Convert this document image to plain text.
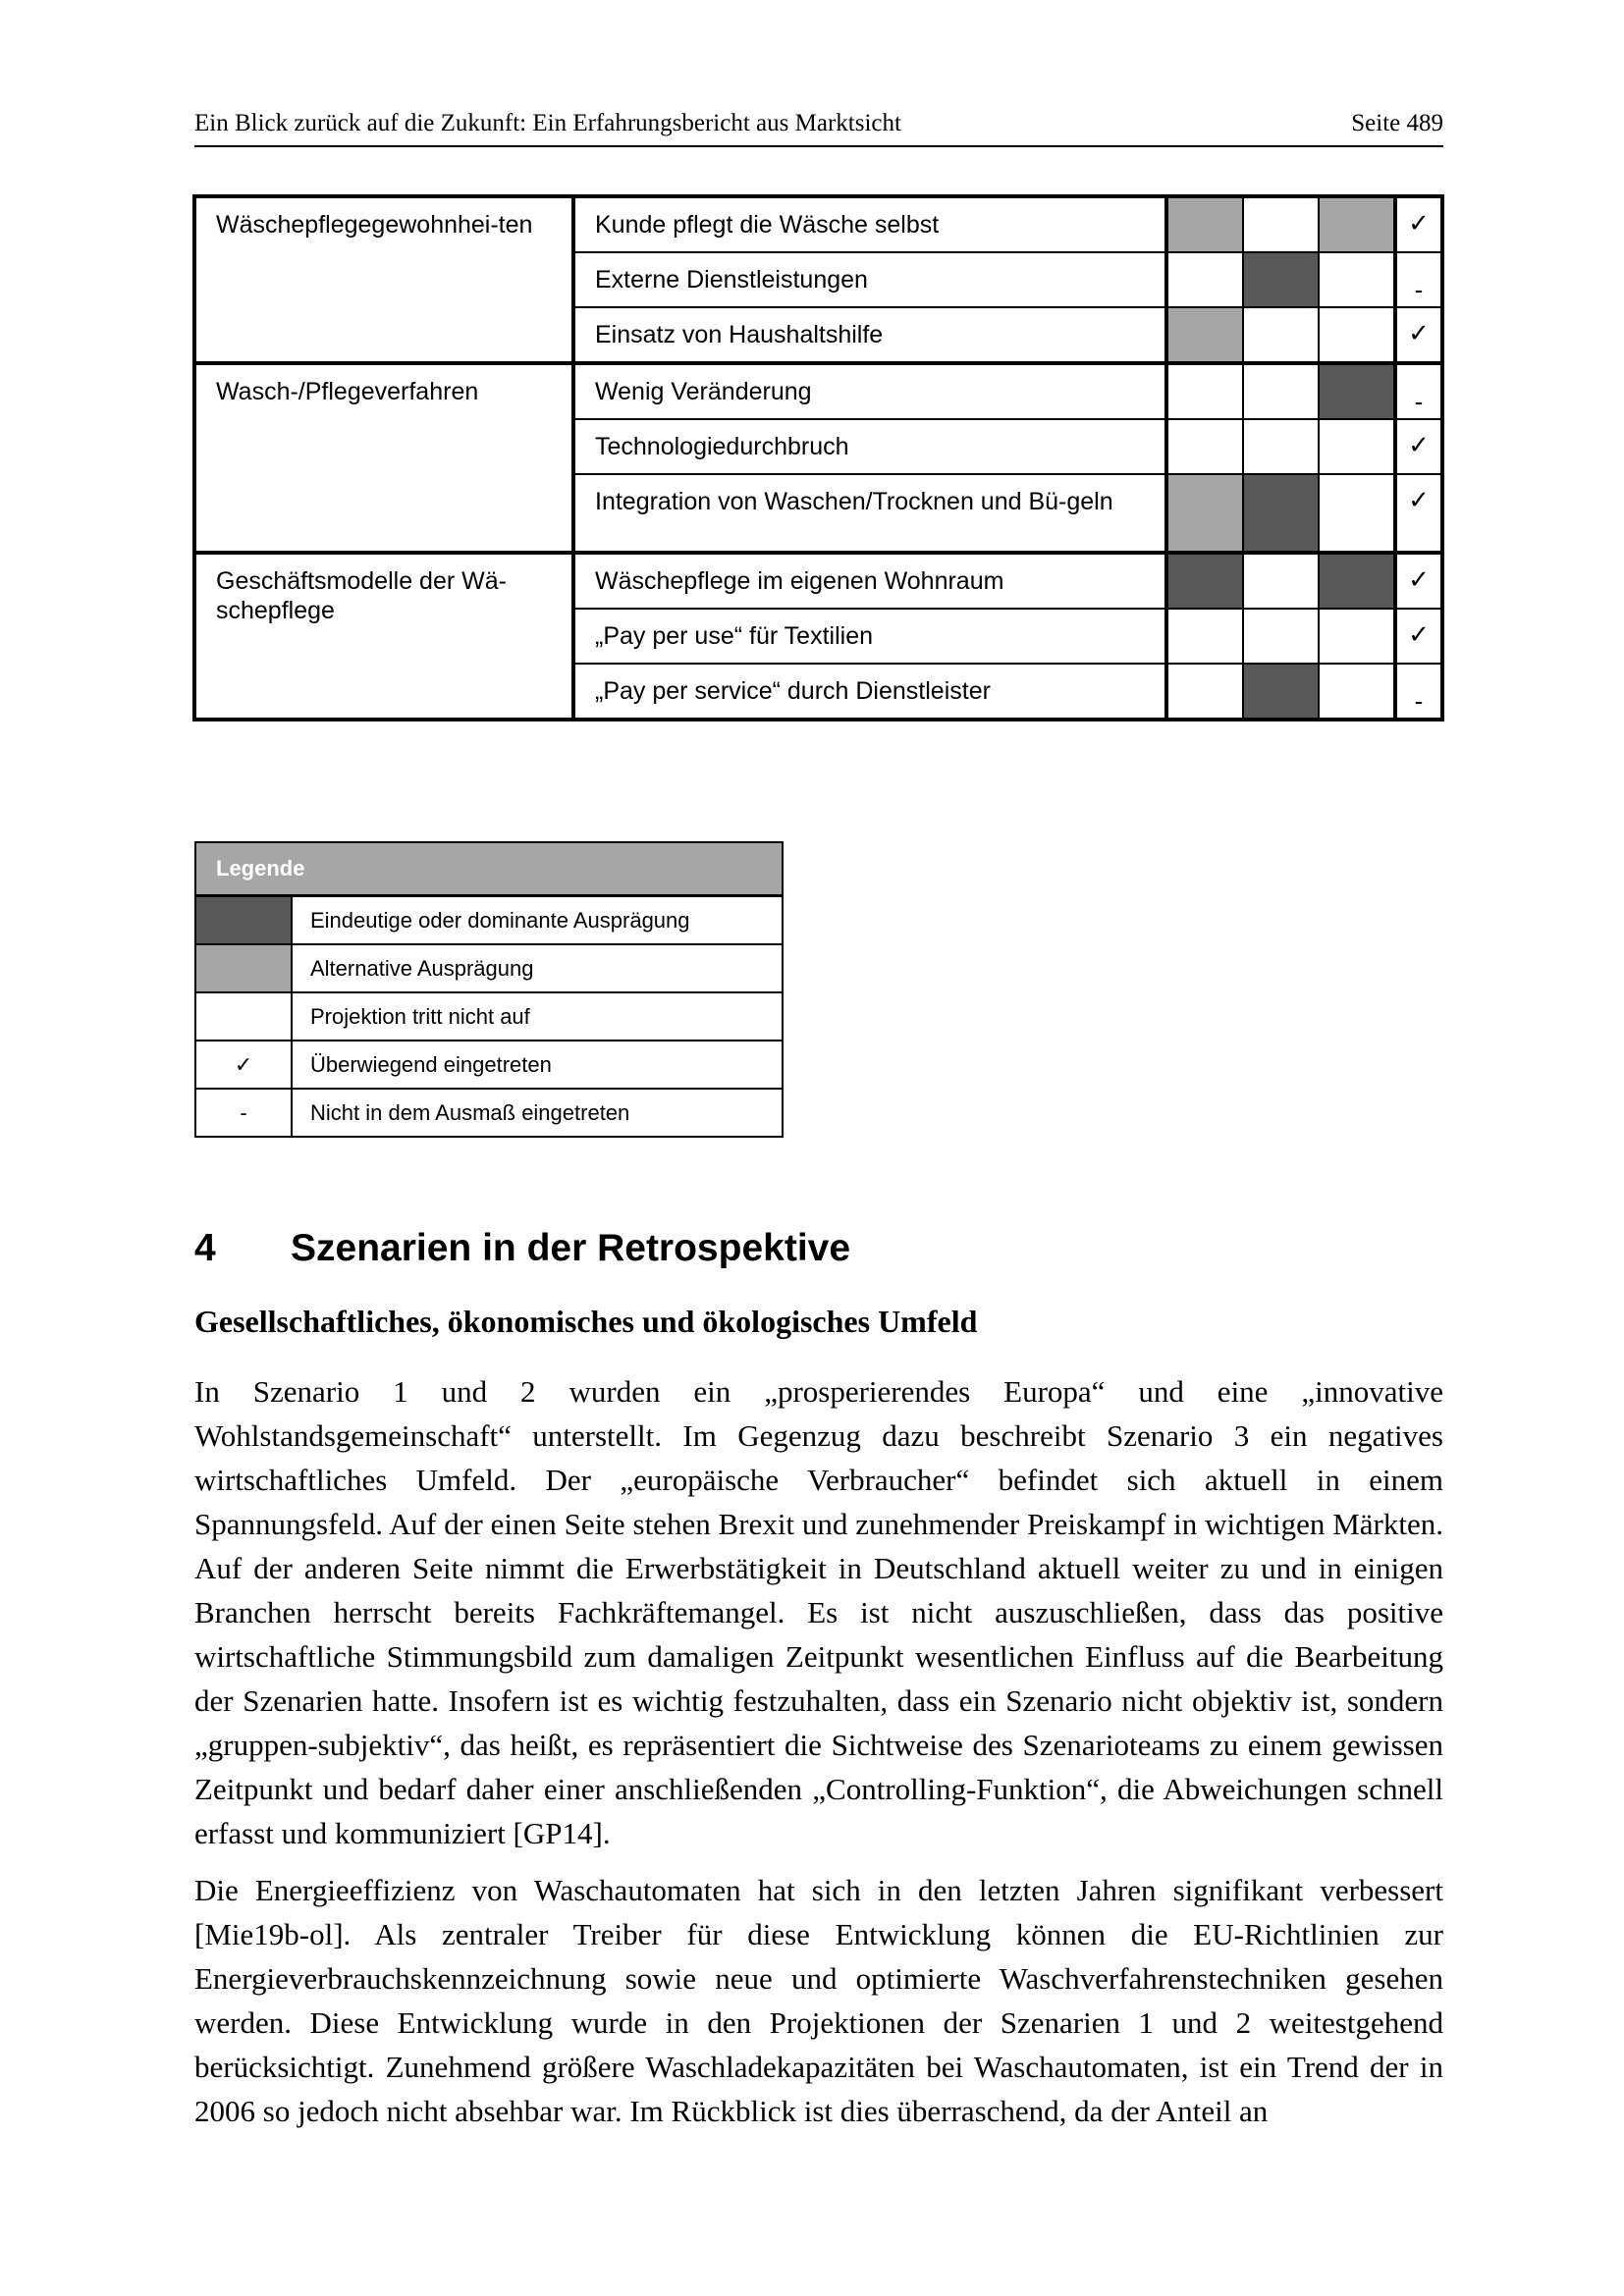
Ein Blick zurück auf die Zukunft: Ein Erfahrungsbericht aus Marktsicht	Seite 489
Wäschepflegegewohnhei-ten	Kunde pflegt die Wäsche selbst				✓
	Externe Dienstleistungen				-
	Einsatz von Haushaltshilfe				✓
Wasch-/Pflegeverfahren	Wenig Veränderung				-
	Technologiedurchbruch				✓
	Integration von Waschen/Trocknen und Bü-geln				✓
Geschäftsmodelle der Wä-schepflege	Wäschepflege im eigenen Wohnraum				✓
	„Pay per use“ für Textilien				✓
	„Pay per service“ durch Dienstleister				-
Legende	
	Eindeutige oder dominante Ausprägung
	Alternative Ausprägung
	Projektion tritt nicht auf
✓	Überwiegend eingetreten
-	Nicht in dem Ausmaß eingetreten
4 Szenarien in der Retrospektive
Gesellschaftliches, ökonomisches und ökologisches Umfeld

In Szenario 1 und 2 wurden ein „prosperierendes Europa“ und eine „innovative Wohlstandsgemeinschaft“ unterstellt. Im Gegenzug dazu beschreibt Szenario 3 ein negatives wirtschaftliches Umfeld. Der „europäische Verbraucher“ befindet sich aktuell in einem Spannungsfeld. Auf der einen Seite stehen Brexit und zunehmender Preiskampf in wichtigen Märkten. Auf der anderen Seite nimmt die Erwerbstätigkeit in Deutschland aktuell weiter zu und in einigen Branchen herrscht bereits Fachkräftemangel. Es ist nicht auszuschließen, dass das positive wirtschaftliche Stimmungsbild zum damaligen Zeitpunkt wesentlichen Einfluss auf die Bearbeitung der Szenarien hatte. Insofern ist es wichtig festzuhalten, dass ein Szenario nicht objektiv ist, sondern „gruppen-subjektiv“, das heißt, es repräsentiert die Sichtweise des Szenarioteams zu einem gewissen Zeitpunkt und bedarf daher einer anschließenden „Controlling-Funktion“, die Abweichungen schnell erfasst und kommuniziert [GP14].

Die Energieeffizienz von Waschautomaten hat sich in den letzten Jahren signifikant verbessert [Mie19b-ol]. Als zentraler Treiber für diese Entwicklung können die EU-Richtlinien zur Energieverbrauchskennzeichnung sowie neue und optimierte Waschverfahrenstechniken gesehen werden. Diese Entwicklung wurde in den Projektionen der Szenarien 1 und 2 weitestgehend berücksichtigt. Zunehmend größere Waschladekapazitäten bei Waschautomaten, ist ein Trend der in 2006 so jedoch nicht absehbar war. Im Rückblick ist dies überraschend, da der Anteil an
